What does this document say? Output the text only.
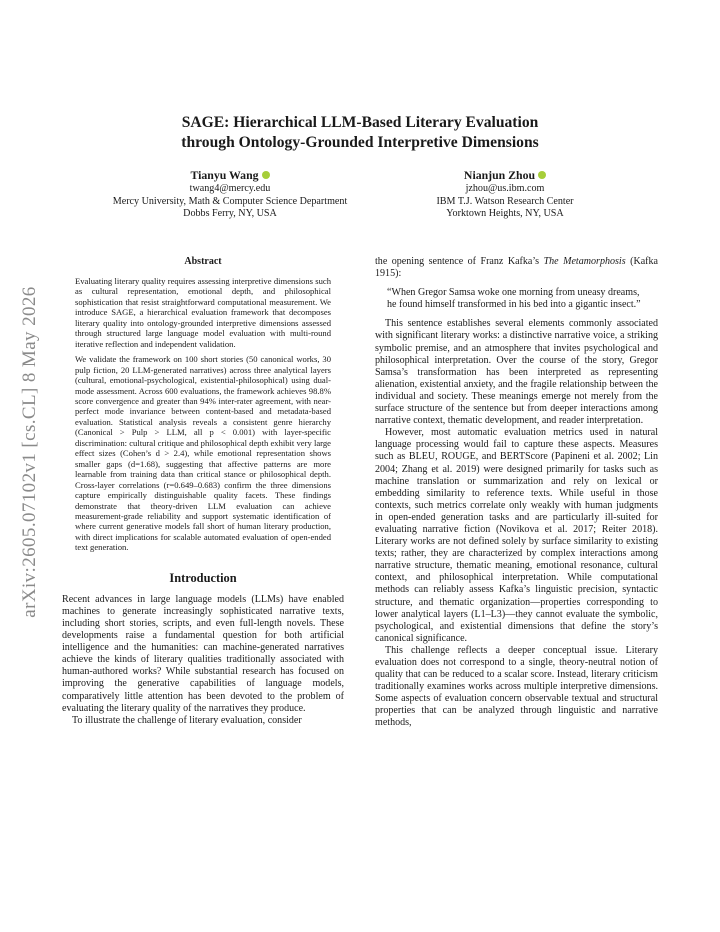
arXiv:2605.07102v1 [cs.CL] 8 May 2026
SAGE: Hierarchical LLM-Based Literary Evaluation
through Ontology-Grounded Interpretive Dimensions
Tianyu Wang
twang4@mercy.edu
Mercy University, Math & Computer Science Department
Dobbs Ferry, NY, USA
Nianjun Zhou
jzhou@us.ibm.com
IBM T.J. Watson Research Center
Yorktown Heights, NY, USA
Abstract

Evaluating literary quality requires assessing interpretive dimensions such as cultural representation, emotional depth, and philosophical sophistication that resist straightforward computational measurement. We introduce SAGE, a hierarchical evaluation framework that decomposes literary quality into ontology-grounded interpretive dimensions assessed through structured large language model evaluation with multi-round iterative reflection and independent validation.

We validate the framework on 100 short stories (50 canonical works, 30 pulp fiction, 20 LLM-generated narratives) across three analytical layers (cultural, emotional-psychological, existential-philosophical) using dual-mode assessment. Across 600 evaluations, the framework achieves 98.8% score convergence and greater than 94% inter-rater agreement, with near-perfect mode invariance between content-based and metadata-based evaluation. Statistical analysis reveals a consistent genre hierarchy (Canonical > Pulp > LLM, all p < 0.001) with layer-specific discrimination: cultural critique and philosophical depth exhibit very large effect sizes (Cohen’s d > 2.4), while emotional representation shows smaller gaps (d=1.68), suggesting that affective patterns are more learnable from training data than critical stance or philosophical depth. Cross-layer correlations (r=0.649–0.683) confirm the three dimensions capture empirically distinguishable quality facets. These findings demonstrate that theory-driven LLM evaluation can achieve measurement-grade reliability and support systematic identification of where current generative models fall short of human literary production, with direct implications for scalable automated evaluation of open-ended text generation.

Introduction

Recent advances in large language models (LLMs) have enabled machines to generate increasingly sophisticated narrative texts, including short stories, scripts, and even full-length novels. These developments raise a fundamental question for both artificial intelligence and the humanities: can machine-generated narratives achieve the kinds of literary qualities traditionally associated with human-authored works? While substantial research has focused on improving the generative capabilities of language models, comparatively little attention has been devoted to the problem of evaluating the literary quality of the narratives they produce.

To illustrate the challenge of literary evaluation, consider

the opening sentence of Franz Kafka’s The Metamorphosis (Kafka 1915):

“When Gregor Samsa woke one morning from uneasy dreams, he found himself transformed in his bed into a gigantic insect.”

This sentence establishes several elements commonly associated with significant literary works: a distinctive narrative voice, a striking symbolic premise, and an atmosphere that invites psychological and philosophical interpretation. Over the course of the story, Gregor Samsa’s transformation has been interpreted as representing alienation, existential anxiety, and the fragile relationship between the individual and society. These meanings emerge not merely from the surface structure of the sentence but from deeper interactions among narrative context, thematic development, and reader interpretation.

However, most automatic evaluation metrics used in natural language processing would fail to capture these aspects. Measures such as BLEU, ROUGE, and BERTScore (Papineni et al. 2002; Lin 2004; Zhang et al. 2019) were designed primarily for tasks such as machine translation or summarization and rely on lexical or embedding similarity to reference texts. While useful in those contexts, such metrics correlate only weakly with human judgments in open-ended generation tasks and are particularly ill-suited for evaluating narrative fiction (Novikova et al. 2017; Reiter 2018). Literary works are not defined solely by surface similarity to existing texts; rather, they are characterized by complex interactions among narrative structure, thematic meaning, emotional resonance, cultural context, and philosophical interpretation. While computational methods can reliably assess Kafka’s linguistic precision, syntactic structure, and thematic organization—properties corresponding to lower analytical layers (L1–L3)—they cannot evaluate the symbolic, psychological, and existential dimensions that define the story’s canonical significance.

This challenge reflects a deeper conceptual issue. Literary evaluation does not correspond to a single, theory-neutral notion of quality that can be reduced to a scalar score. Instead, literary criticism traditionally examines works across multiple interpretive dimensions. Some aspects of evaluation concern observable textual and structural properties that can be analyzed through linguistic and narrative methods,
